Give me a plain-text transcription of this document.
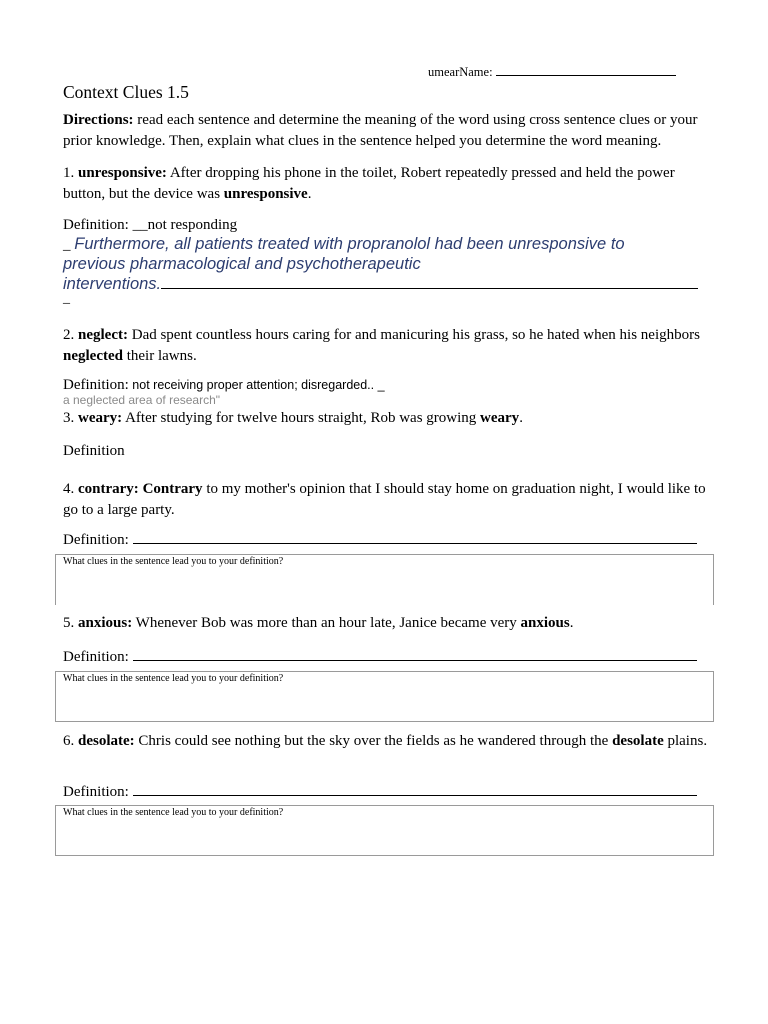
umearName:
Context Clues 1.5
Directions: read each sentence and determine the meaning of the word using cross sentence clues or your prior knowledge. Then, explain what clues in the sentence helped you determine the word meaning.
1. unresponsive: After dropping his phone in the toilet, Robert repeatedly pressed and held the power button, but the device was unresponsive.
Definition: __not responding
_ Furthermore, all patients treated with propranolol had been unresponsive to
previous pharmacological and psychotherapeutic
interventions.
_
2. neglect: Dad spent countless hours caring for and manicuring his grass, so he hated when his neighbors neglected their lawns.
Definition: not receiving proper attention; disregarded.. _
a neglected area of research"
3. weary: After studying for twelve hours straight, Rob was growing weary.
Definition
4. contrary: Contrary to my mother's opinion that I should stay home on graduation night, I would like to go to a large party.
Definition:
What clues in the sentence lead you to your definition?
5. anxious: Whenever Bob was more than an hour late, Janice became very anxious.
Definition:
What clues in the sentence lead you to your definition?
6. desolate: Chris could see nothing but the sky over the fields as he wandered through the desolate plains.
Definition:
What clues in the sentence lead you to your definition?
